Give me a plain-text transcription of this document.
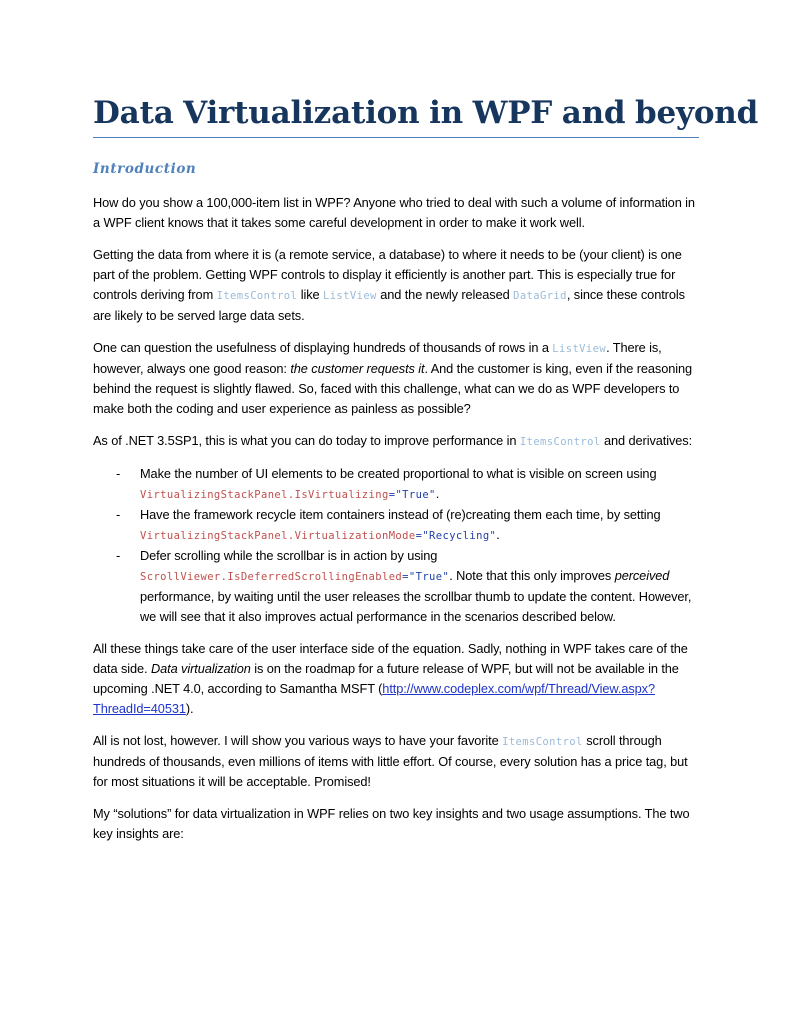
Data Virtualization in WPF and beyond
Introduction

How do you show a 100,000-item list in WPF? Anyone who tried to deal with such a volume of information in a WPF client knows that it takes some careful development in order to make it work well.

Getting the data from where it is (a remote service, a database) to where it needs to be (your client) is one part of the problem. Getting WPF controls to display it efficiently is another part. This is especially true for controls deriving from ItemsControl like ListView and the newly released DataGrid, since these controls are likely to be served large data sets.

One can question the usefulness of displaying hundreds of thousands of rows in a ListView. There is, however, always one good reason: the customer requests it. And the customer is king, even if the reasoning behind the request is slightly flawed. So, faced with this challenge, what can we do as WPF developers to make both the coding and user experience as painless as possible?

As of .NET 3.5SP1, this is what you can do today to improve performance in ItemsControl and derivatives:

- Make the number of UI elements to be created proportional to what is visible on screen using VirtualizingStackPanel.IsVirtualizing="True".
- Have the framework recycle item containers instead of (re)creating them each time, by setting VirtualizingStackPanel.VirtualizationMode="Recycling".
- Defer scrolling while the scrollbar is in action by using ScrollViewer.IsDeferredScrollingEnabled="True". Note that this only improves perceived performance, by waiting until the user releases the scrollbar thumb to update the content. However, we will see that it also improves actual performance in the scenarios described below.

All these things take care of the user interface side of the equation. Sadly, nothing in WPF takes care of the data side. Data virtualization is on the roadmap for a future release of WPF, but will not be available in the upcoming .NET 4.0, according to Samantha MSFT (http://www.codeplex.com/wpf/Thread/View.aspx?ThreadId=40531).

All is not lost, however. I will show you various ways to have your favorite ItemsControl scroll through hundreds of thousands, even millions of items with little effort. Of course, every solution has a price tag, but for most situations it will be acceptable. Promised!

My “solutions” for data virtualization in WPF relies on two key insights and two usage assumptions. The two key insights are:
